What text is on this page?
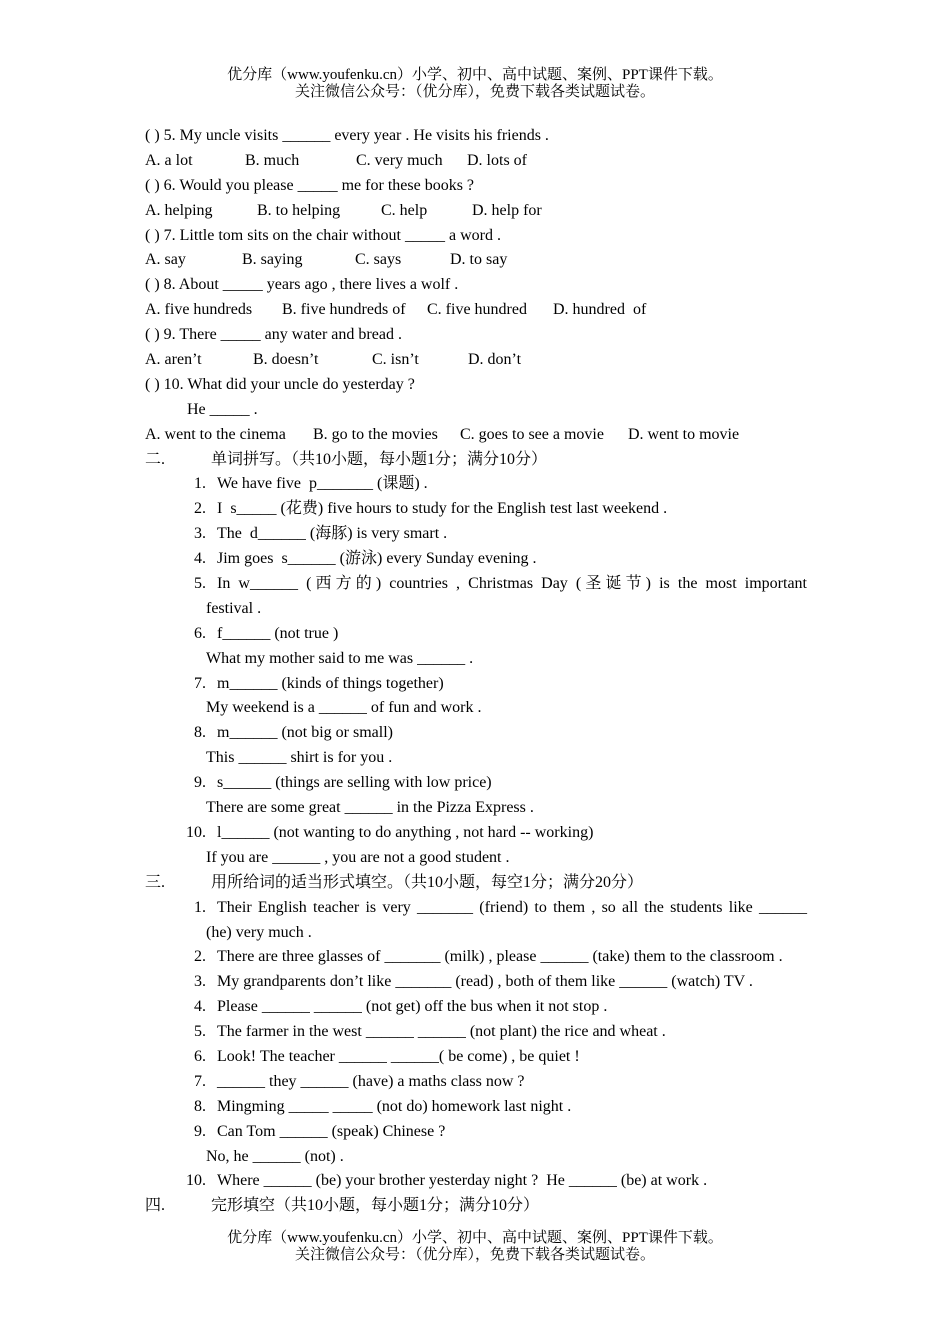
优分库（www.youfenku.cn）小学、初中、高中试题、案例、PPT课件下载。
关注微信公众号：（优分库），免费下载各类试题试卷。
( ) 5. My uncle visits ______ every year . He visits his friends .
A. a lot	B. much	C. very much	D. lots of
( ) 6. Would you please _____ me for these books ?
A. helping	B. to helping	C. help	D. help for
( ) 7. Little tom sits on the chair without _____ a word .
A. say	B. saying	C. says	D. to say
( ) 8. About _____ years ago , there lives a wolf .
A. five hundreds	B. five hundreds of	C. five hundred	D. hundred  of
( ) 9. There _____ any water and bread .
A. aren’t	B. doesn’t	C. isn’t	D. don’t
( ) 10. What did your uncle do yesterday ?
He _____ .
A. went to the cinema	B. go to the movies	C. goes to see a movie	D. went to movie
二.	单词拼写。（共10小题，每小题1分；满分10分）
1. We have five  p_______ (课题) .
2. I  s_____ (花费) five hours to study for the English test last weekend .
3. The  d______ (海豚) is very smart .
4. Jim goes  s______ (游泳) every Sunday evening .
5. In w______ (西方的) countries , Christmas Day (圣诞节) is the most important
festival .
6. f______ (not true )
What my mother said to me was ______ .
7. m______ (kinds of things together)
My weekend is a ______ of fun and work .
8. m______ (not big or small)
This ______ shirt is for you .
9. s______ (things are selling with low price)
There are some great ______ in the Pizza Express .
10. l______ (not wanting to do anything , not hard -- working)
If you are ______ , you are not a good student .
三.	用所给词的适当形式填空。（共10小题，每空1分；满分20分）
1. Their English teacher is very _______ (friend) to them , so all the students like ______
(he) very much .
2. There are three glasses of _______ (milk) , please ______ (take) them to the classroom .
3. My grandparents don’t like _______ (read) , both of them like ______ (watch) TV .
4. Please ______ ______ (not get) off the bus when it not stop .
5. The farmer in the west ______ ______ (not plant) the rice and wheat .
6. Look! The teacher ______ ______( be come) , be quiet !
7. ______ they ______ (have) a maths class now ?
8. Mingming _____ _____ (not do) homework last night .
9. Can Tom ______ (speak) Chinese ?
No, he ______ (not) .
10. Where ______ (be) your brother yesterday night ?  He ______ (be) at work .
四.	完形填空（共10小题，每小题1分；满分10分）
优分库（www.youfenku.cn）小学、初中、高中试题、案例、PPT课件下载。
关注微信公众号：（优分库），免费下载各类试题试卷。
